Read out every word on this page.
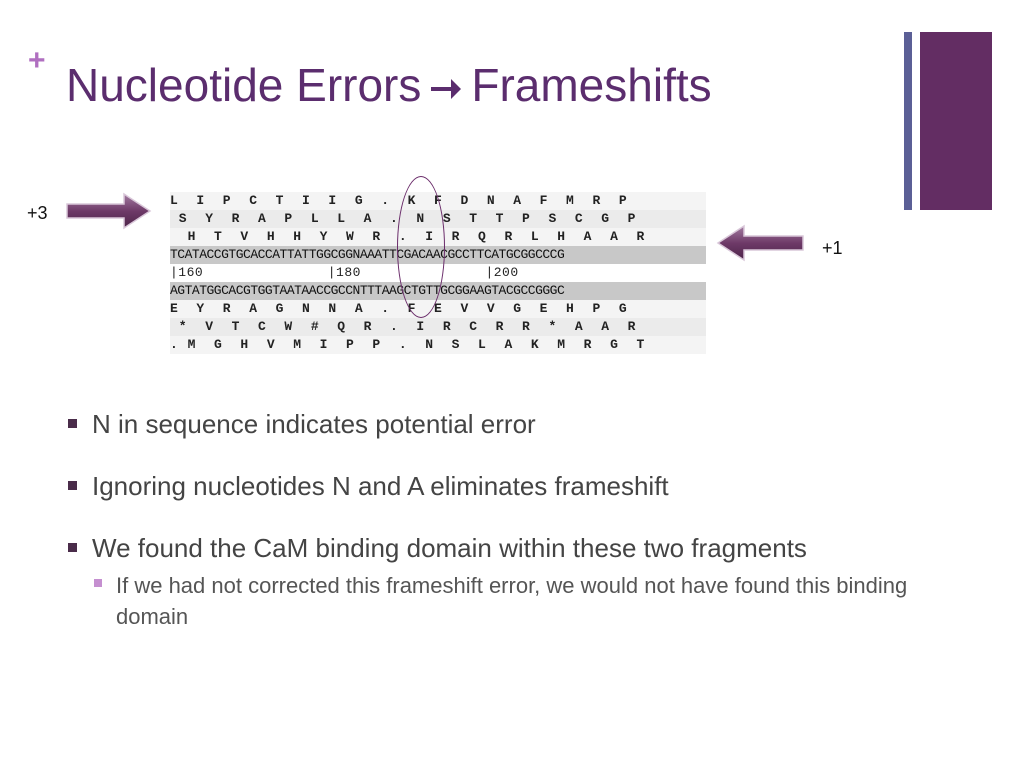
+ Nucleotide Errors Frameshifts
L  I  P  C  T  I  I  G  .  K  F  D  N  A  F  M  R  P
S  Y  R  A  P  L  L  A  .  N  S  T  T  P  S  C  G  P
H  T  V  H  H  Y  W  R  .  I  R  Q  R  L  H  A  A  R
TCATACCGTGCACCATTATTGGCGGNAAATTCGACAACGCCTTCATGCGGCCCG
|160               |180               |200
AGTATGGCACGTGGTAATAACCGCCNTTTAAGCTGTTGCGGAAGTACGCCGGGC
E  Y  R  A  G  N  N  A  .  F  E  V  V  G  E  H  P  G
*  V  T  C  W  #  Q  R  .  I  R  C  R  R  *  A  A  R
. M  G  H  V  M  I  P  P  .  N  S  L  A  K  M  R  G  T
+3
+1
N in sequence indicates potential error
Ignoring nucleotides N and A eliminates frameshift
We found the CaM binding domain within these two fragments
If we had not corrected this frameshift error, we would not have found this binding domain
